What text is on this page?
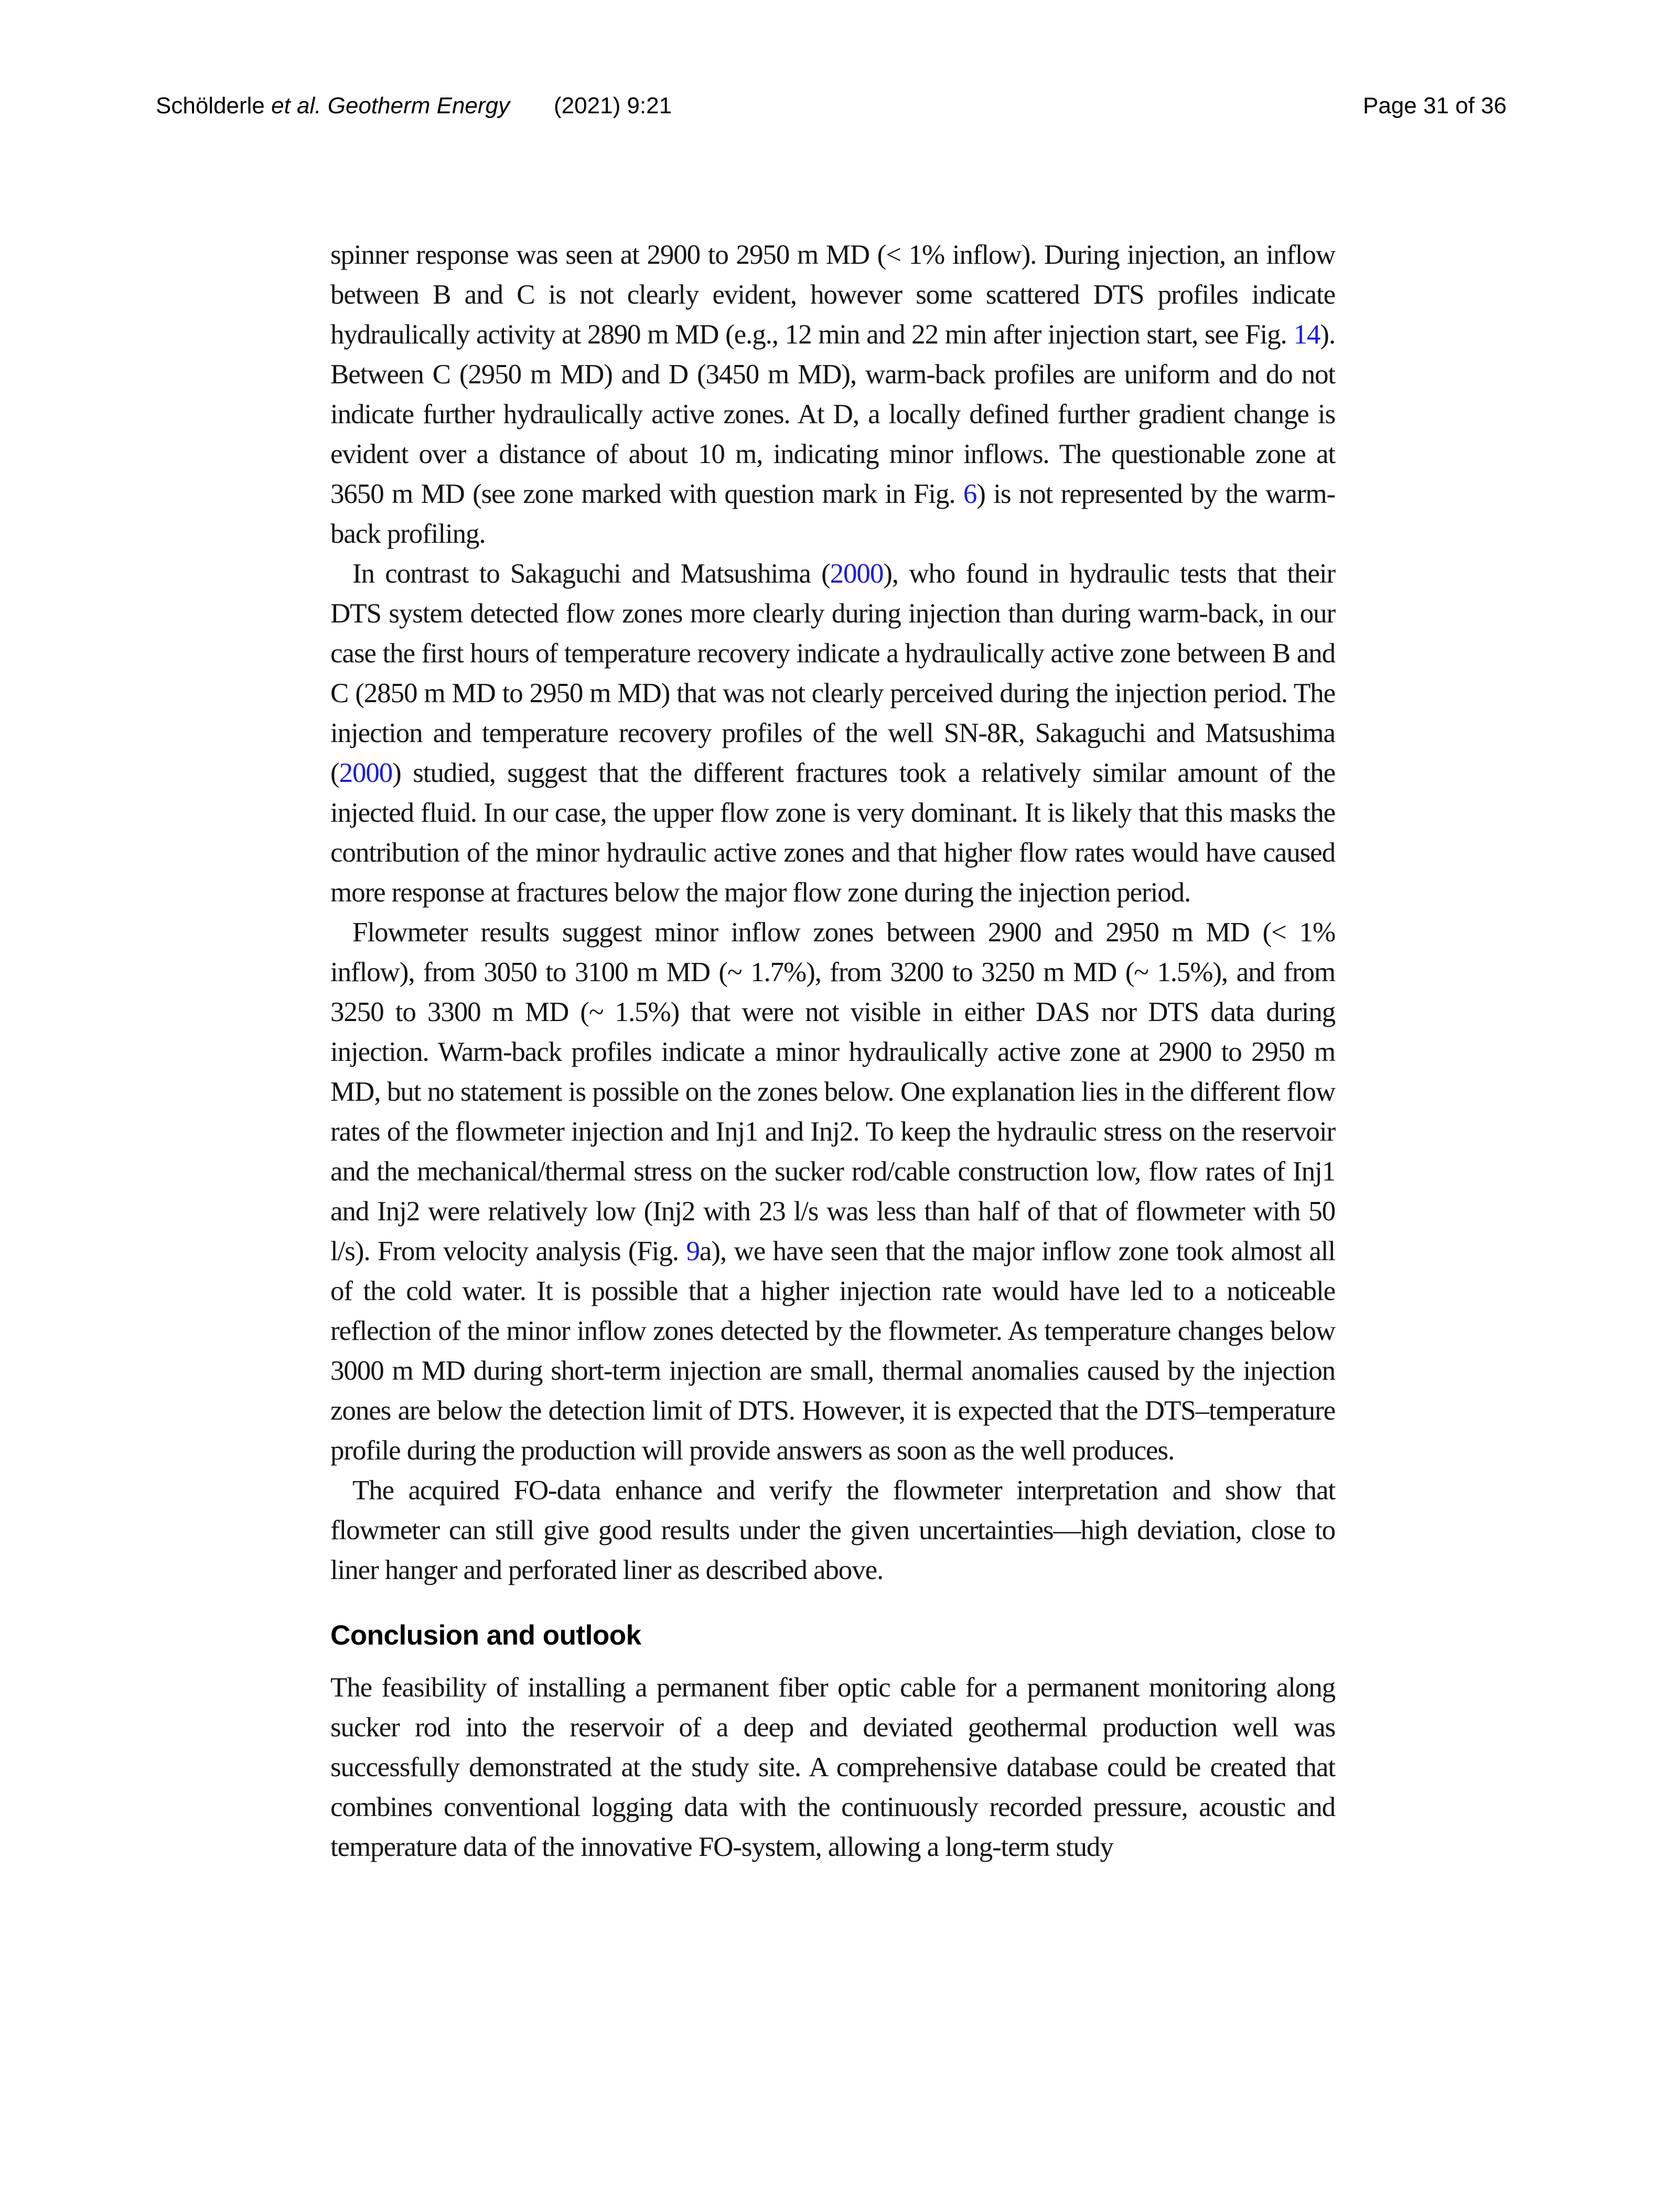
Schölderle et al. Geotherm Energy (2021) 9:21	Page 31 of 36

spinner response was seen at 2900 to 2950 m MD (< 1% inflow). During injection, an inflow between B and C is not clearly evident, however some scattered DTS profiles indicate hydraulically activity at 2890 m MD (e.g., 12 min and 22 min after injection start, see Fig. 14). Between C (2950 m MD) and D (3450 m MD), warm-back profiles are uniform and do not indicate further hydraulically active zones. At D, a locally defined further gradient change is evident over a distance of about 10 m, indicating minor inflows. The questionable zone at 3650 m MD (see zone marked with question mark in Fig. 6) is not represented by the warm-back profiling.

In contrast to Sakaguchi and Matsushima (2000), who found in hydraulic tests that their DTS system detected flow zones more clearly during injection than during warm-back, in our case the first hours of temperature recovery indicate a hydraulically active zone between B and C (2850 m MD to 2950 m MD) that was not clearly perceived during the injection period. The injection and temperature recovery profiles of the well SN-8R, Sakaguchi and Matsushima (2000) studied, suggest that the different fractures took a relatively similar amount of the injected fluid. In our case, the upper flow zone is very dominant. It is likely that this masks the contribution of the minor hydraulic active zones and that higher flow rates would have caused more response at fractures below the major flow zone during the injection period.

Flowmeter results suggest minor inflow zones between 2900 and 2950 m MD (< 1% inflow), from 3050 to 3100 m MD (~ 1.7%), from 3200 to 3250 m MD (~ 1.5%), and from 3250 to 3300 m MD (~ 1.5%) that were not visible in either DAS nor DTS data during injection. Warm-back profiles indicate a minor hydraulically active zone at 2900 to 2950 m MD, but no statement is possible on the zones below. One explanation lies in the different flow rates of the flowmeter injection and Inj1 and Inj2. To keep the hydraulic stress on the reservoir and the mechanical/thermal stress on the sucker rod/cable construction low, flow rates of Inj1 and Inj2 were relatively low (Inj2 with 23 l/s was less than half of that of flowmeter with 50 l/s). From velocity analysis (Fig. 9a), we have seen that the major inflow zone took almost all of the cold water. It is possible that a higher injection rate would have led to a noticeable reflection of the minor inflow zones detected by the flowmeter. As temperature changes below 3000 m MD during short-term injection are small, thermal anomalies caused by the injection zones are below the detection limit of DTS. However, it is expected that the DTS–temperature profile during the production will provide answers as soon as the well produces.

The acquired FO-data enhance and verify the flowmeter interpretation and show that flowmeter can still give good results under the given uncertainties—high deviation, close to liner hanger and perforated liner as described above.

Conclusion and outlook

The feasibility of installing a permanent fiber optic cable for a permanent monitoring along sucker rod into the reservoir of a deep and deviated geothermal production well was successfully demonstrated at the study site. A comprehensive database could be created that combines conventional logging data with the continuously recorded pressure, acoustic and temperature data of the innovative FO-system, allowing a long-term study
